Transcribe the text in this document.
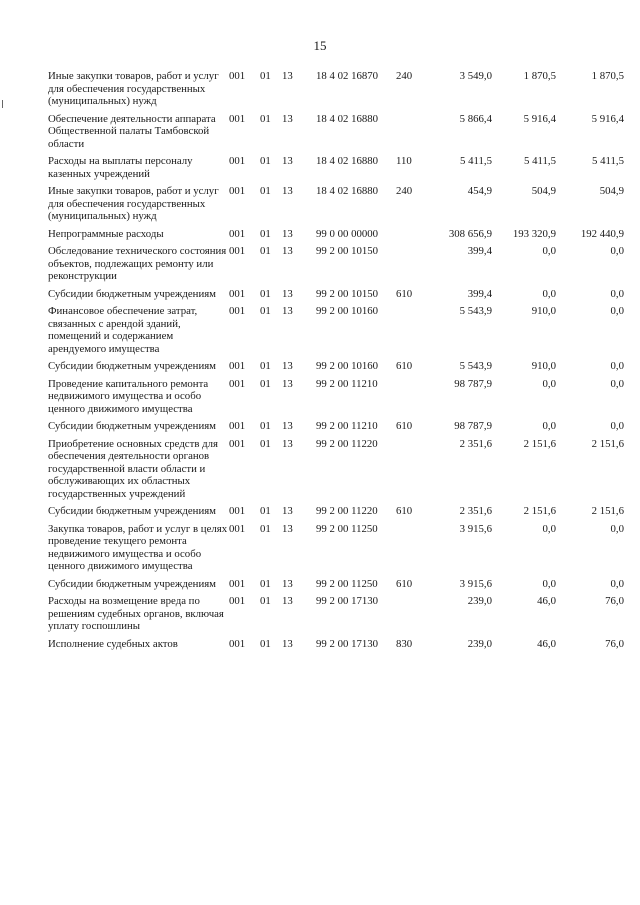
15
Иные закупки товаров, работ и услуг для обеспечения государственных (муниципальных) нужд	001	01	13	18 4 02 16870	240	3 549,0	1 870,5	1 870,5
Обеспечение деятельности аппарата Общественной палаты Тамбовской области	001	01	13	18 4 02 16880		5 866,4	5 916,4	5 916,4
Расходы на выплаты персоналу казенных учреждений	001	01	13	18 4 02 16880	110	5 411,5	5 411,5	5 411,5
Иные закупки товаров, работ и услуг для обеспечения государственных (муниципальных) нужд	001	01	13	18 4 02 16880	240	454,9	504,9	504,9
Непрограммные расходы	001	01	13	99 0 00 00000		308 656,9	193 320,9	192 440,9
Обследование технического состояния объектов, подлежащих ремонту или реконструкции	001	01	13	99 2 00 10150		399,4	0,0	0,0
Субсидии бюджетным учреждениям	001	01	13	99 2 00 10150	610	399,4	0,0	0,0
Финансовое обеспечение затрат, связанных с арендой зданий, помещений и содержанием арендуемого имущества	001	01	13	99 2 00 10160		5 543,9	910,0	0,0
Субсидии бюджетным учреждениям	001	01	13	99 2 00 10160	610	5 543,9	910,0	0,0
Проведение капитального ремонта недвижимого имущества и особо ценного движимого имущества	001	01	13	99 2 00 11210		98 787,9	0,0	0,0
Субсидии бюджетным учреждениям	001	01	13	99 2 00 11210	610	98 787,9	0,0	0,0
Приобретение основных средств для обеспечения деятельности органов государственной власти области и обслуживающих их областных государственных учреждений	001	01	13	99 2 00 11220		2 351,6	2 151,6	2 151,6
Субсидии бюджетным учреждениям	001	01	13	99 2 00 11220	610	2 351,6	2 151,6	2 151,6
Закупка товаров, работ и услуг в целях проведение текущего ремонта недвижимого имущества и особо ценного движимого имущества	001	01	13	99 2 00 11250		3 915,6	0,0	0,0
Субсидии бюджетным учреждениям	001	01	13	99 2 00 11250	610	3 915,6	0,0	0,0
Расходы на возмещение вреда по решениям судебных органов, включая уплату госпошлины	001	01	13	99 2 00 17130		239,0	46,0	76,0
Исполнение судебных актов	001	01	13	99 2 00 17130	830	239,0	46,0	76,0
